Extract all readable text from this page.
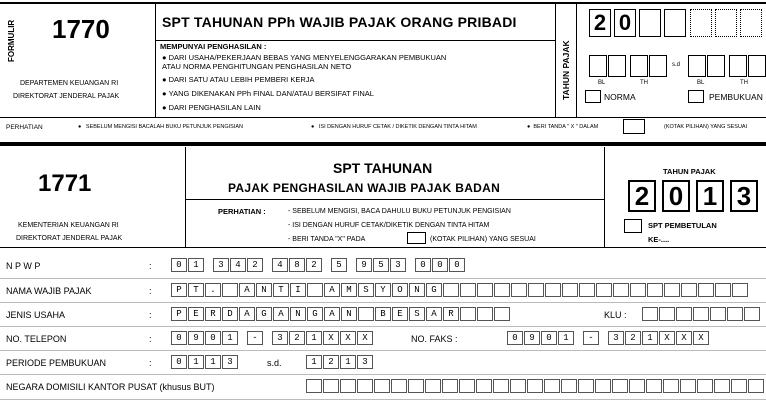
FORMULIR 1770
DEPARTEMEN KEUANGAN RI
DIREKTORAT JENDERAL PAJAK
SPT TAHUNAN PPh WAJIB PAJAK ORANG PRIBADI
MEMPUNYAI PENGHASILAN :
● DARI USAHA/PEKERJAAN BEBAS YANG MENYELENGGARAKAN PEMBUKUAN ATAU NORMA PENGHITUNGAN PENGHASILAN NETO
● DARI SATU ATAU LEBIH PEMBERI KERJA
● YANG DIKENAKAN PPh FINAL DAN/ATAU BERSIFAT FINAL
● DARI PENGHASILAN LAIN
TAHUN PAJAK
2 0
s.d
BL	TH	BL	TH
NORMA	PEMBUKUAN
PERHATIAN	●   SEBELUM MENGISI BACALAH BUKU PETUNJUK PENGISIAN	●   ISI DENGAN HURUF CETAK / DIKETIK DENGAN TINTA HITAM	●  BERI TANDA " X " DALAM	(KOTAK PILIHAN) YANG SESUAI
1771
KEMENTERIAN KEUANGAN RI
DIREKTORAT JENDERAL PAJAK
SPT TAHUNAN
PAJAK PENGHASILAN WAJIB PAJAK BADAN
PERHATIAN :	- SEBELUM MENGISI, BACA DAHULU BUKU PETUNJUK PENGISIAN
- ISI DENGAN HURUF CETAK/DIKETIK DENGAN TINTA HITAM
- BERI TANDA "X" PADA	(KOTAK PILIHAN) YANG SESUAI
TAHUN PAJAK
2 0 1 3
SPT PEMBETULAN
KE-....
N P W P	:	0	1	3	4	2	4	8	2	5	9	5	3	0	0	0
NAMA WAJIB PAJAK	:	P	T	.	A	N	T	I	A	M	S	Y	O	N	G
JENIS USAHA	:	P	E	R	D	A	G	A	N	G	A	N	B	E	S	A	R	KLU :
NO. TELEPON	:	0	9	0	1	-	3	2	1	X	X	X	NO. FAKS :	0	9	0	1	-	3	2	1	X	X	X
PERIODE PEMBUKUAN	:	0	1	1	3	s.d.	1	2	1	3
NEGARA DOMISILI KANTOR PUSAT (khusus BUT)
